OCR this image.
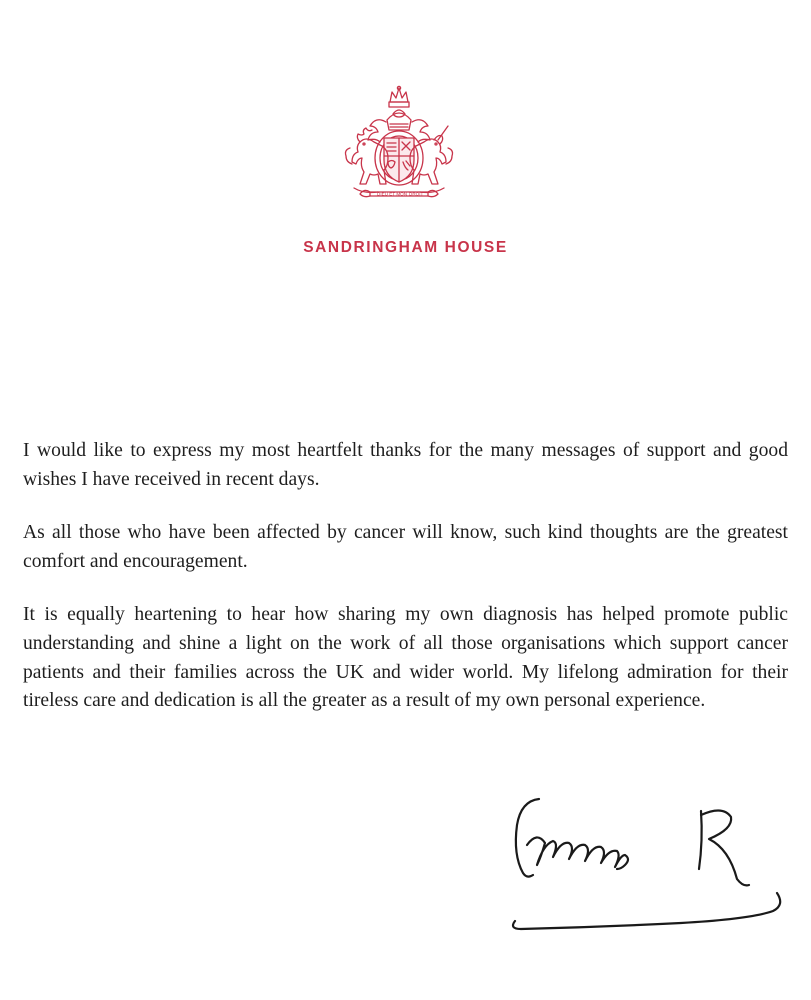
DIEU ET MON DROIT
SANDRINGHAM HOUSE

I would like to express my most heartfelt thanks for the many messages of support and good wishes I have received in recent days.

As all those who have been affected by cancer will know, such kind thoughts are the greatest comfort and encouragement.

It is equally heartening to hear how sharing my own diagnosis has helped promote public understanding and shine a light on the work of all those organisations which support cancer patients and their families across the UK and wider world. My lifelong admiration for their tireless care and dedication is all the greater as a result of my own personal experience.
